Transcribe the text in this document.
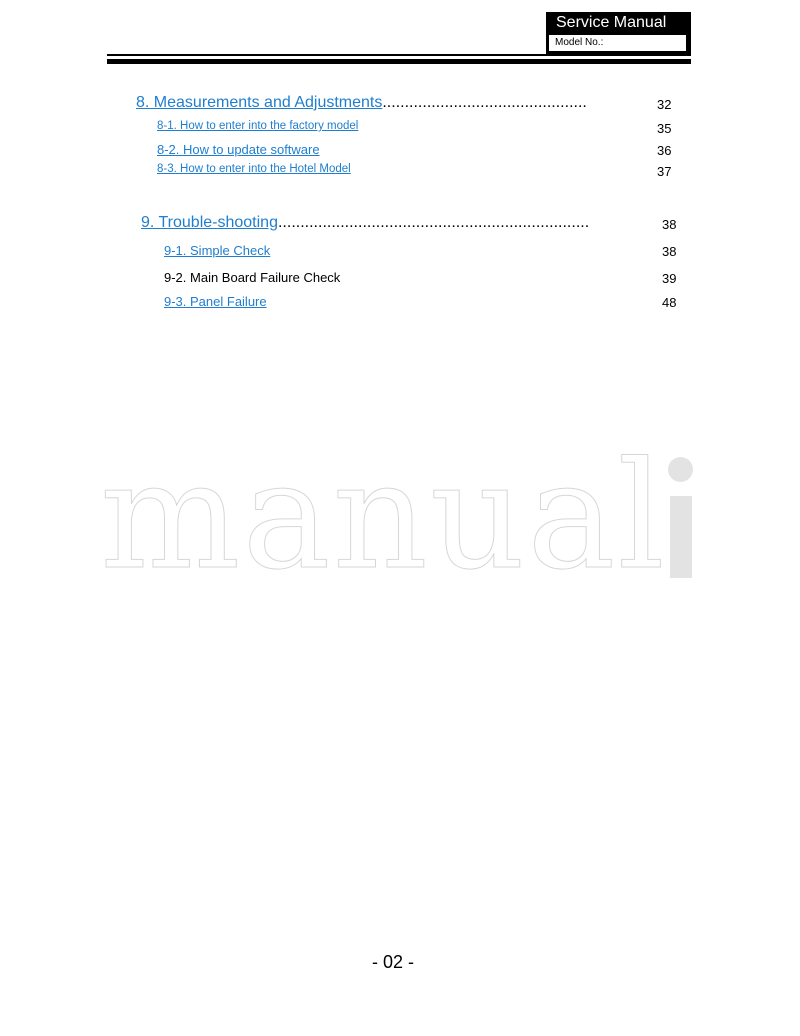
Service Manual
Model No.:
8. Measurements and Adjustments..............................................	32
8-1. How to enter into the factory model	35
8-2. How to update software	36
8-3. How to enter into the Hotel Model	37
9. Trouble-shooting......................................................................	38
9-1. Simple Check	38
9-2. Main Board Failure Check	39
9-3. Panel Failure	48
manual
- 02 -
